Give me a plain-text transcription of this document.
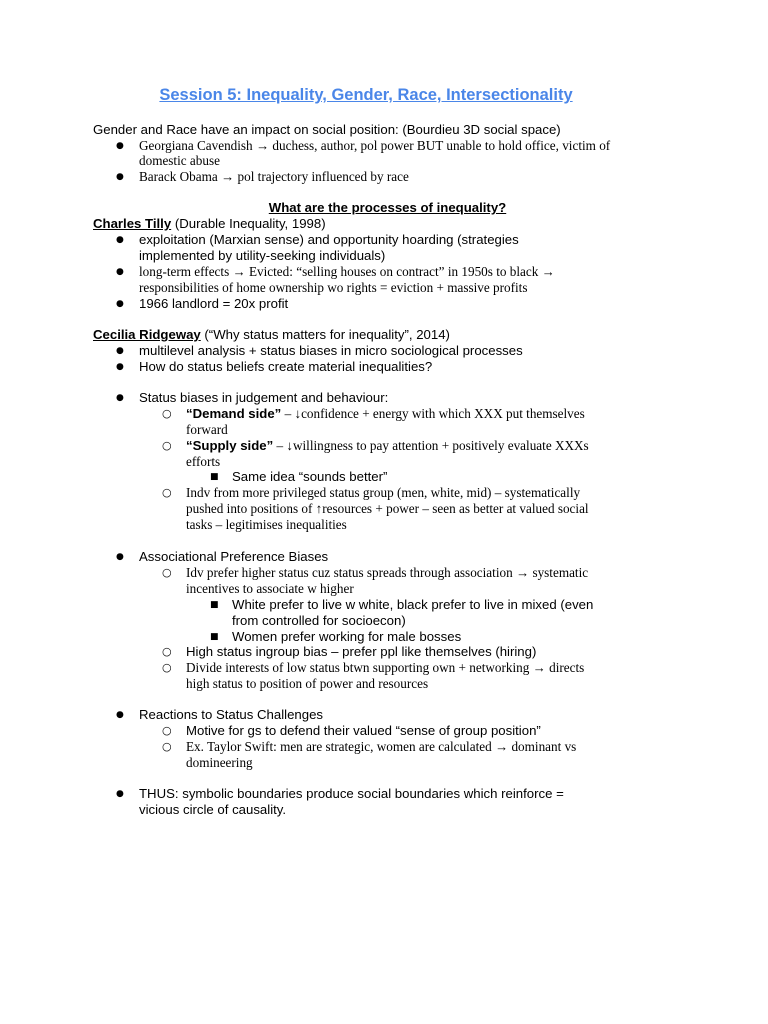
Session 5: Inequality, Gender, Race, Intersectionality
Gender and Race have an impact on social position: (Bourdieu 3D social space)
● Georgiana Cavendish → duchess, author, pol power BUT unable to hold office, victim of
domestic abuse
● Barack Obama → pol trajectory influenced by race
What are the processes of inequality?
Charles Tilly (Durable Inequality, 1998)
● exploitation (Marxian sense) and opportunity hoarding (strategies
implemented by utility-seeking individuals)
● long-term effects → Evicted: “selling houses on contract” in 1950s to black →
responsibilities of home ownership wo rights = eviction + massive profits
● 1966 landlord = 20x profit
Cecilia Ridgeway (“Why status matters for inequality”, 2014)
● multilevel analysis + status biases in micro sociological processes
● How do status beliefs create material inequalities?
● Status biases in judgement and behaviour:
○ “Demand side” – ↓confidence + energy with which XXX put themselves
forward
○ “Supply side” – ↓willingness to pay attention + positively evaluate XXXs
efforts
■ Same idea “sounds better”
○ Indv from more privileged status group (men, white, mid) – systematically
pushed into positions of ↑resources + power – seen as better at valued social
tasks – legitimises inequalities
● Associational Preference Biases
○ Idv prefer higher status cuz status spreads through association → systematic
incentives to associate w higher
■ White prefer to live w white, black prefer to live in mixed (even
from controlled for socioecon)
■ Women prefer working for male bosses
○ High status ingroup bias – prefer ppl like themselves (hiring)
○ Divide interests of low status btwn supporting own + networking → directs
high status to position of power and resources
● Reactions to Status Challenges
○ Motive for gs to defend their valued “sense of group position”
○ Ex. Taylor Swift: men are strategic, women are calculated → dominant vs
domineering
● THUS: symbolic boundaries produce social boundaries which reinforce =
vicious circle of causality.
